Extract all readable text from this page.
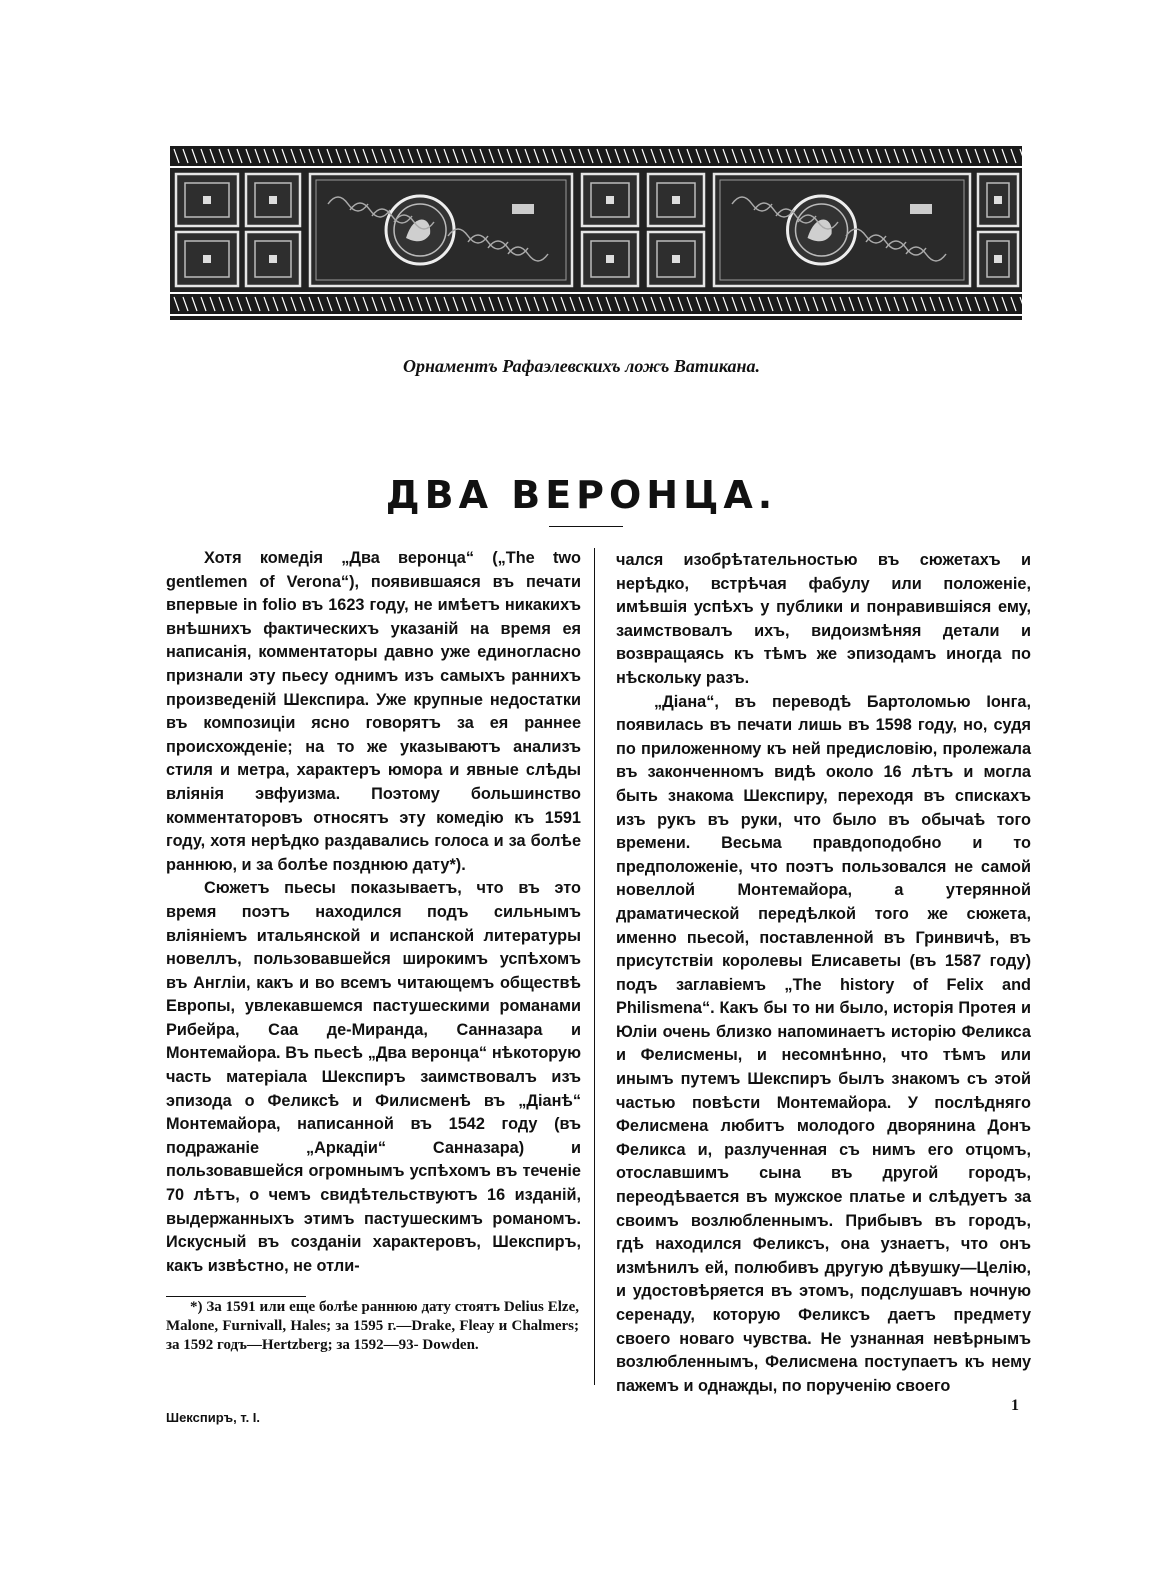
Орнаментъ Рафаэлевскихъ ложъ Ватикана.
ДВА ВЕРОНЦА.

Хотя комедія „Два веронца“ („The two gentlemen of Verona“), появившаяся въ печати впервые in folio въ 1623 году, не имѣетъ никакихъ внѣшнихъ фактическихъ указаній на время ея написанія, комментаторы давно уже единогласно признали эту пьесу однимъ изъ самыхъ раннихъ произведеній Шекспира. Уже крупные недостатки въ композиціи ясно говорятъ за ея раннее происхожденіе; на то же указываютъ анализъ стиля и метра, характеръ юмора и явные слѣды вліянія эвфуизма. Поэтому большинство комментаторовъ относятъ эту комедію къ 1591 году, хотя нерѣдко раздавались голоса и за болѣе раннюю, и за болѣе позднюю дату*).

Сюжетъ пьесы показываетъ, что въ это время поэтъ находился подъ сильнымъ вліяніемъ итальянской и испанской литературы новеллъ, пользовавшейся широкимъ успѣхомъ въ Англіи, какъ и во всемъ читающемъ обществѣ Европы, увлекавшемся пастушескими романами Рибейра, Саа де-Миранда, Санназара и Монтемайора. Въ пьесѣ „Два веронца“ нѣкоторую часть матеріала Шекспиръ заимствовалъ изъ эпизода о Феликсѣ и Филисменѣ въ „Діанѣ“ Монтемайора, написанной въ 1542 году (въ подражаніе „Аркадіи“ Санназара) и пользовавшейся огромнымъ успѣхомъ въ теченіе 70 лѣтъ, о чемъ свидѣтельствуютъ 16 изданій, выдержанныхъ этимъ пастушескимъ романомъ. Искусный въ созданіи характеровъ, Шекспиръ, какъ извѣстно, не отли-

чался изобрѣтательностью въ сюжетахъ и нерѣдко, встрѣчая фабулу или положеніе, имѣвшія успѣхъ у публики и понравившіяся ему, заимствовалъ ихъ, видоизмѣняя детали и возвращаясь къ тѣмъ же эпизодамъ иногда по нѣскольку разъ.

„Діана“, въ переводѣ Бартоломью Іонга, появилась въ печати лишь въ 1598 году, но, судя по приложенному къ ней предисловію, пролежала въ законченномъ видѣ около 16 лѣтъ и могла быть знакома Шекспиру, переходя въ спискахъ изъ рукъ въ руки, что было въ обычаѣ того времени. Весьма правдоподобно и то предположеніе, что поэтъ пользовался не самой новеллой Монтемайора, а утерянной драматической передѣлкой того же сюжета, именно пьесой, поставленной въ Гринвичѣ, въ присутствіи королевы Елисаветы (въ 1587 году) подъ заглавіемъ „The history of Felix and Philismena“. Какъ бы то ни было, исторія Протея и Юліи очень близко напоминаетъ исторію Феликса и Фелисмены, и несомнѣнно, что тѣмъ или инымъ путемъ Шекспиръ былъ знакомъ съ этой частью повѣсти Монтемайора. У послѣдняго Фелисмена любитъ молодого дворянина Донъ Феликса и, разлученная съ нимъ его отцомъ, отославшимъ сына въ другой городъ, переодѣвается въ мужское платье и слѣдуетъ за своимъ возлюбленнымъ. Прибывъ въ городъ, гдѣ находился Феликсъ, она узнаетъ, что онъ измѣнилъ ей, полюбивъ другую дѣвушку—Целію, и удостовѣряется въ этомъ, подслушавъ ночную серенаду, которую Феликсъ даетъ предмету своего новаго чувства. Не узнанная невѣрнымъ возлюбленнымъ, Фелисмена поступаетъ къ нему пажемъ и однажды, по порученію своего

*) За 1591 или еще болѣе раннюю дату стоятъ Delius Elze, Malone, Furnivall, Hales; за 1595 г.—Drake, Fleay и Chalmers; за 1592 годъ—Hertzberg; за 1592—93- Dowden.
Шекспиръ, т. I.
1
